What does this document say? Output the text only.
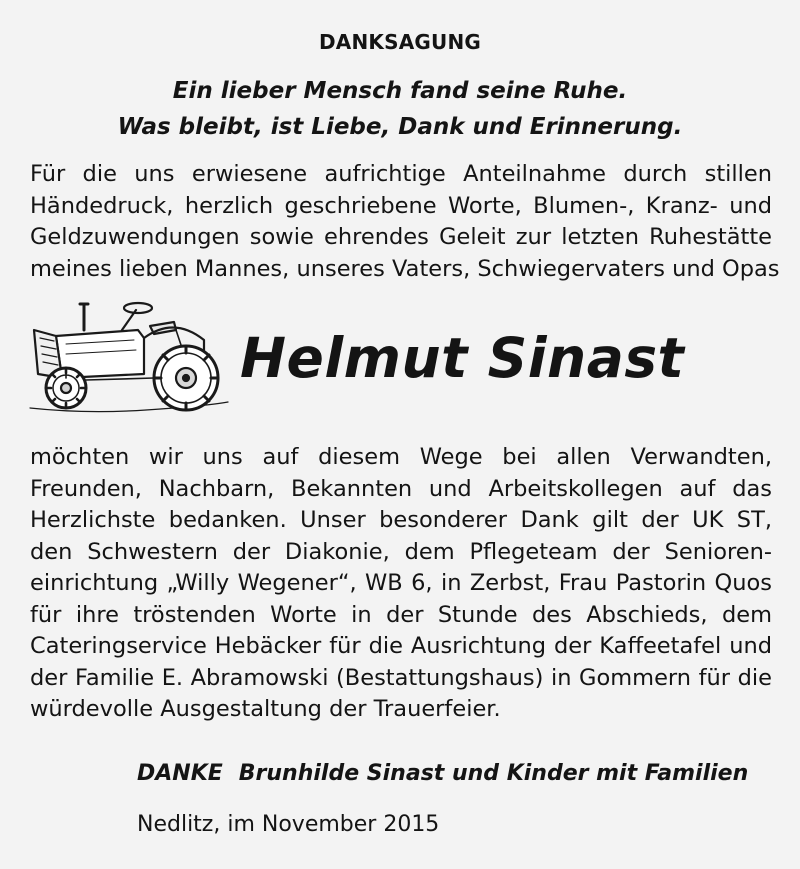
DANKSAGUNG
Ein lieber Mensch fand seine Ruhe.
Was bleibt, ist Liebe, Dank und Erinnerung.
Für die uns erwiesene aufrichtige Anteilnahme durch stillen
Händedruck, herzlich geschriebene Worte, Blumen-, Kranz- und
Geldzuwendungen sowie ehrendes Geleit zur letzten Ruhestätte
meines lieben Mannes, unseres Vaters, Schwiegervaters und Opas
Helmut Sinast
möchten wir uns auf diesem Wege bei allen Verwandten,
Freunden, Nachbarn, Bekannten und Arbeitskollegen auf das
Herzlichste bedanken. Unser besonderer Dank gilt der UK ST,
den Schwestern der Diakonie, dem Pflegeteam der Senioren-
einrichtung „Willy Wegener“, WB 6, in Zerbst, Frau Pastorin Quos
für ihre tröstenden Worte in der Stunde des Abschieds, dem
Cateringservice Hebäcker für die Ausrichtung der Kaffeetafel und
der Familie E. Abramowski (Bestattungshaus) in Gommern für die
würdevolle Ausgestaltung der Trauerfeier.
DANKE Brunhilde Sinast und Kinder mit Familien
Nedlitz, im November 2015
